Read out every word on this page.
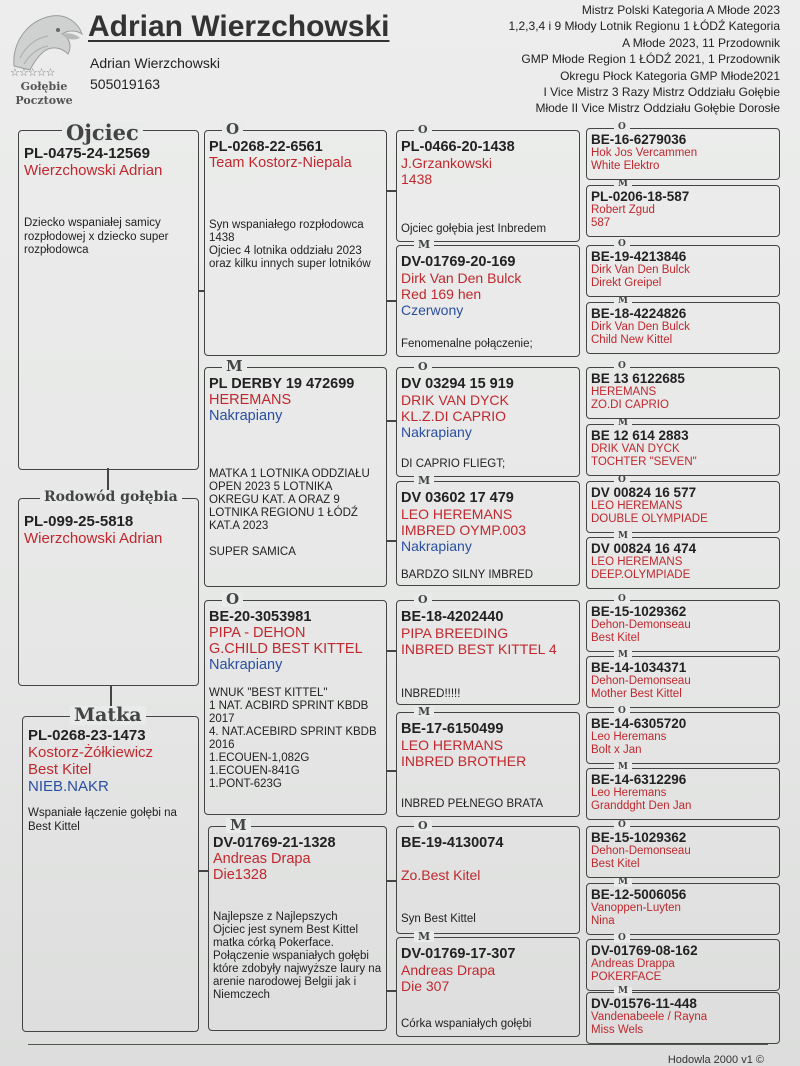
☆☆☆☆☆
Gołębie
Pocztowe
Adrian Wierzchowski
Adrian Wierzchowski
505019163
Mistrz Polski Kategoria A Młode 2023
1,2,3,4 i 9 Młody Lotnik Regionu 1 ŁÓDŹ Kategoria
A Młode 2023, 11 Przodownik
GMP Młode Region 1 ŁÓDŹ 2021, 1 Przodownik
Okregu Płock Kategoria GMP Młode2021
I Vice Mistrz 3 Razy Mistrz Oddziału Gołębie
Młode II Vice Mistrz Oddziału Gołębie Dorosłe
PL-0475-24-12569
Wierzchowski Adrian
Dziecko wspaniałej samicy rozpłodowej x dziecko super rozpłodowca
Ojciec
PL-099-25-5818
Wierzchowski Adrian
Rodowód gołębia
PL-0268-23-1473
Kostorz-Żółkiewicz
Best Kitel
NIEB.NAKR
Wspaniałe łączenie gołębi na Best Kittel
Matka
PL-0268-22-6561
Team Kostorz-Niepala
Syn wspaniałego rozpłodowca 1438
Ojciec 4 lotnika oddziału 2023 oraz kilku innych super lotników
O
PL DERBY 19 472699
HEREMANS
Nakrapiany
MATKA 1 LOTNIKA ODDZIAŁU
OPEN 2023 5 LOTNIKA OKREGU KAT. A ORAZ 9 LOTNIKA REGIONU 1 ŁÓDŹ KAT.A 2023

SUPER SAMICA
M
BE-20-3053981
PIPA - DEHON
G.CHILD BEST KITTEL
Nakrapiany
WNUK "BEST KITTEL"
1 NAT. ACBIRD SPRINT KBDB
2017
4. NAT.ACEBIRD SPRINT KBDB 2016
1.ECOUEN-1,082G
1.ECOUEN-841G
1.PONT-623G
O
DV-01769-21-1328
Andreas Drapa
Die1328
Najlepsze z Najlepszych
Ojciec jest synem Best Kittel matka córką Pokerface.
Połączenie wspaniałych gołębi które zdobyły najwyższe laury na arenie narodowej Belgii jak i Niemczech
M
PL-0466-20-1438
J.Grzankowski
1438
Ojciec gołębia jest Inbredem
O
DV-01769-20-169
Dirk Van Den Bulck
Red 169 hen
Czerwony
Fenomenalne połączenie;
M
DV 03294 15 919
DRIK VAN DYCK
KL.Z.DI CAPRIO
Nakrapiany
DI CAPRIO FLIEGT;
O
DV 03602 17 479
LEO HEREMANS
IMBRED OYMP.003
Nakrapiany
BARDZO SILNY IMBRED
M
BE-18-4202440
PIPA BREEDING
INBRED BEST KITTEL 4
INBRED!!!!!
O
BE-17-6150499
LEO HERMANS
INBRED BROTHER
INBRED PEŁNEGO BRATA
M
BE-19-4130074
Zo.Best Kitel
Syn Best Kittel
O
DV-01769-17-307
Andreas Drapa
Die 307
Córka wspaniałych gołębi
M
BE-16-6279036
Hok Jos Vercammen
White Elektro
O
PL-0206-18-587
Robert Zgud
587
M
BE-19-4213846
Dirk Van Den Bulck
Direkt Greipel
O
BE-18-4224826
Dirk Van Den Bulck
Child New Kittel
M
BE 13 6122685
HEREMANS
ZO.DI CAPRIO
O
BE 12 614 2883
DRIK VAN DYCK
TOCHTER "SEVEN"
M
DV 00824 16 577
LEO HEREMANS
DOUBLE OLYMPIADE
O
DV 00824 16 474
LEO HEREMANS
DEEP.OLYMPIADE
M
BE-15-1029362
Dehon-Demonseau
Best Kitel
O
BE-14-1034371
Dehon-Demonseau
Mother Best Kittel
M
BE-14-6305720
Leo Heremans
Bolt x Jan
O
BE-14-6312296
Leo Heremans
Granddght Den Jan
M
BE-15-1029362
Dehon-Demonseau
Best Kitel
O
BE-12-5006056
Vanoppen-Luyten
Nina
M
DV-01769-08-162
Andreas Drappa
POKERFACE
O
DV-01576-11-448
Vandenabeele / Rayna
Miss Wels
M
Hodowla 2000 v1 ©
